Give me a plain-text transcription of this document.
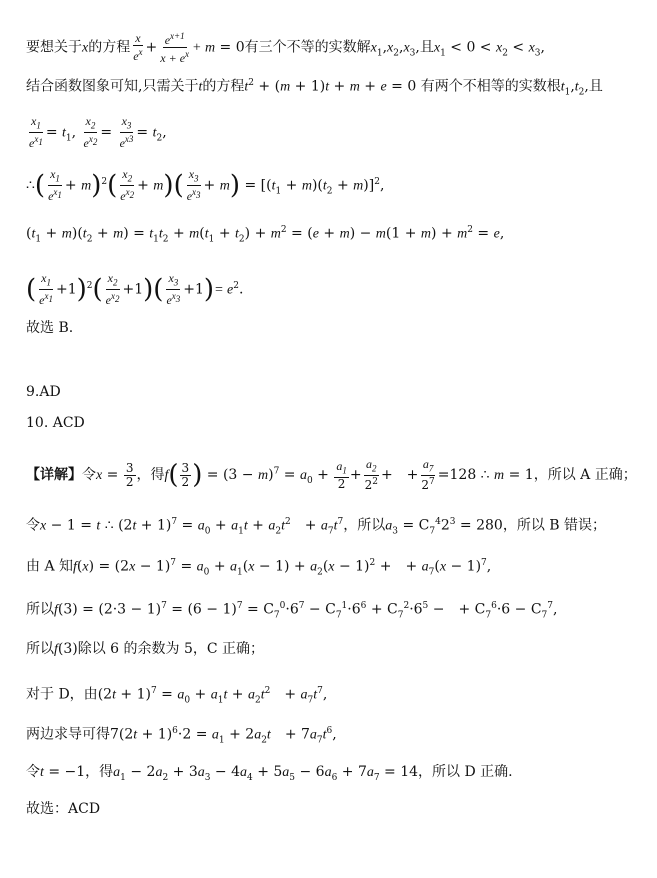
要想关于x的方程 $\frac{x}{e^x} + \frac{e^{x+1}}{x + e^x} + m = 0$有三个不等的实数解$x_1,x_2,x_3$,且$x_1 < 0 < x_2 < x_3$,
结合函数图象可知,只需关于t的方程$t^2 + (m + 1)t + m + e = 0$ 有两个不相等的实数根$t_1,t_2$,且
$\frac{x_1}{e^{x_1}} = t_1$, $\frac{x_2}{e^{x_2}} = \frac{x_3}{e^{x3}} = t_2$,
∴( $\frac{x_1}{e^{x_1}} + m)^2( \frac{x_2}{e^{x_2}} + m)( \frac{x_3}{e^{x_3}} + m) = [(t_1 + m)(t_2 + m)]^2$,
$(t_1 + m)(t_2 + m) = t_1t_2 + m(t_1 + t_2) + m^2 = (e + m) - m(1 + m) + m^2 = e$,
( $\frac{x_1}{e^{x_1}} +1)^2( \frac{x_2}{e^{x_2}} +1)( \frac{x_3}{e^{x_3}} +1)= e^2$.
故选 B.
9.AD
10. ACD
【详解】令$x = \frac{3}{2}$ ，得$f( \frac{3}{2}$ ) = $(3 - m)^7 = a_0 + \frac{a_1}{2} + \frac{a_2}{2^2}$ + + $\frac{a_7}{2^7} =128$ ∴ m = 1，所以 A 正确；
令x − 1 = t ∴ $(2t + 1)^7 = a_0 + a_1t + a_2t^2 + a_7t^7$，所以$a_3 = C_7^42^3 = 280$，所以 B 错误；
由 A 知$f(x) = (2x - 1)^7 = a_0 + a_1(x - 1) + a_2(x - 1)^2$ + + $a_7(x - 1)^7$,
所以$f(3) = (2\cdot 3 - 1)^7 = (6 - 1)^7 = C_7^0\cdot 6^7 - C_7^1\cdot 6^6 + C_7^2\cdot 6^5$ − + $C_7^6\cdot 6 - C_7^7$,
所以f(3)除以 6 的余数为 5，C 正确；
对于 D，由$(2t + 1)^7 = a_0 + a_1t + a_2t^2 + a_7t^7$,
两边求导可得$7(2t + 1)^6\cdot 2 = a_1 + 2a_2t + 7a_7t^6$,
令t = −1，得$a_1 - 2a_2 + 3a_3 - 4a_4 + 5a_5 - 6a_6 + 7a_7 = 14$，所以 D 正确.
故选：ACD
